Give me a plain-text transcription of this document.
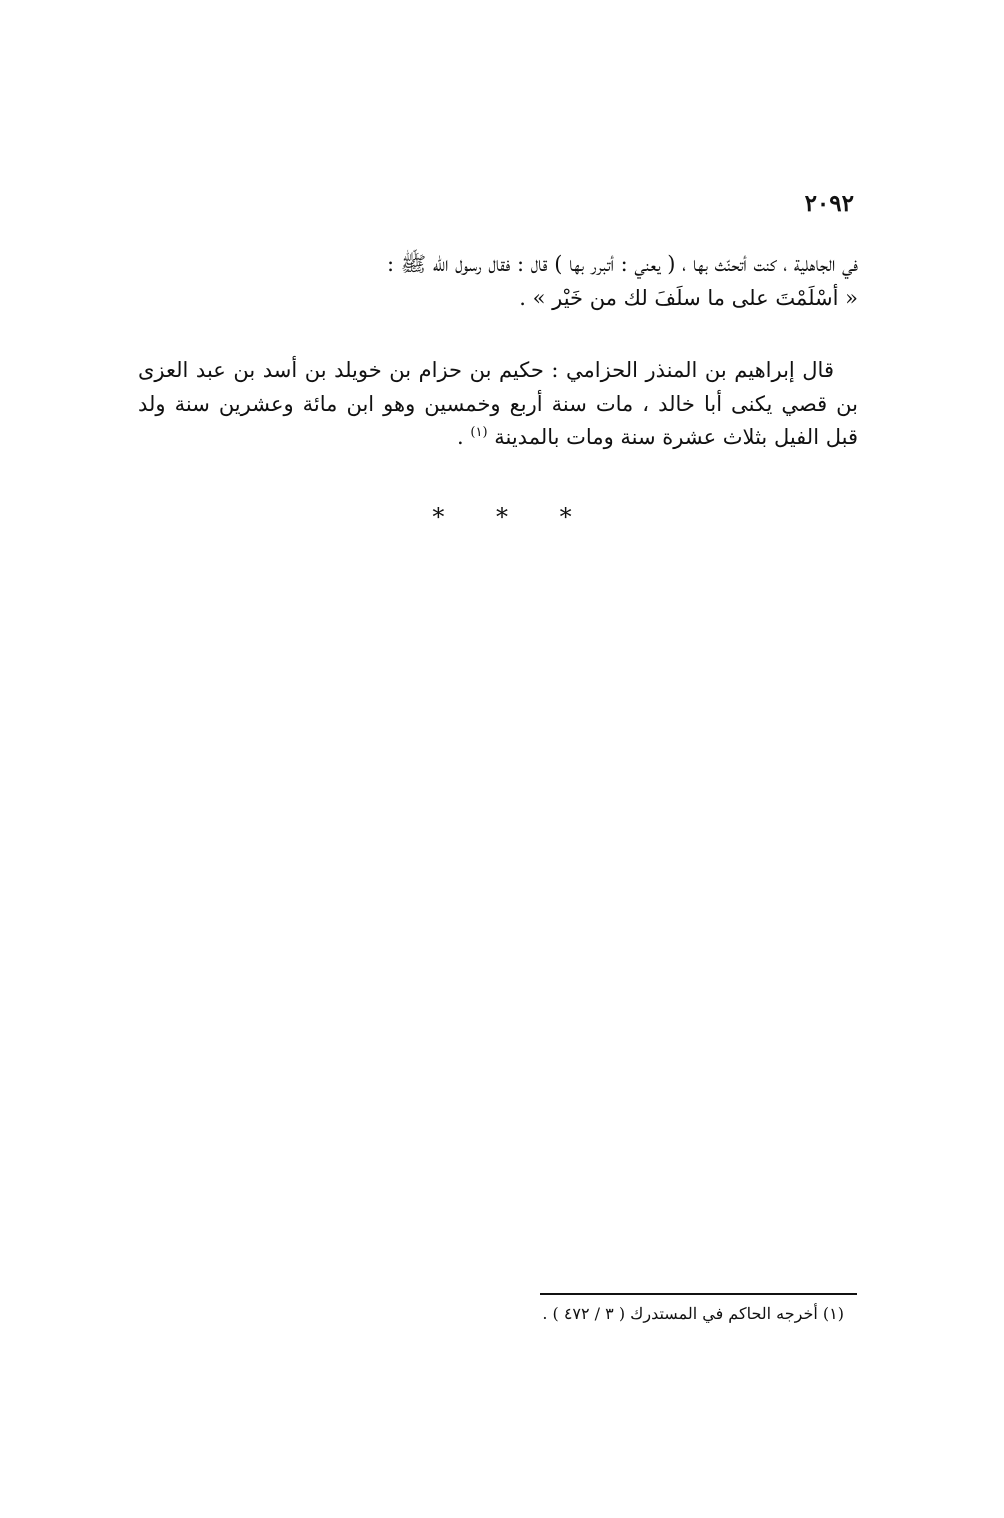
٢٠٩٢

في الجاهلية ، كنت أتحنّث بها ، ( يعني : أتبرر بها ) قال : فقال رسول الله ﷺ :

« أسْلَمْتَ على ما سلَفَ لك من خَيْر » .

قال إبراهيم بن المنذر الحزامي : حكيم بن حزام بن خويلد بن أسد بن عبد العزى بن قصي يكنى أبا خالد ، مات سنة أربع وخمسين وهو ابن مائة وعشرين سنة ولد قبل الفيل بثلاث عشرة سنة ومات بالمدينة $^{(١)}$ .

* * *
(١) أخرجه الحاكم في المستدرك ( ٣ / ٤٧٢ ) .
